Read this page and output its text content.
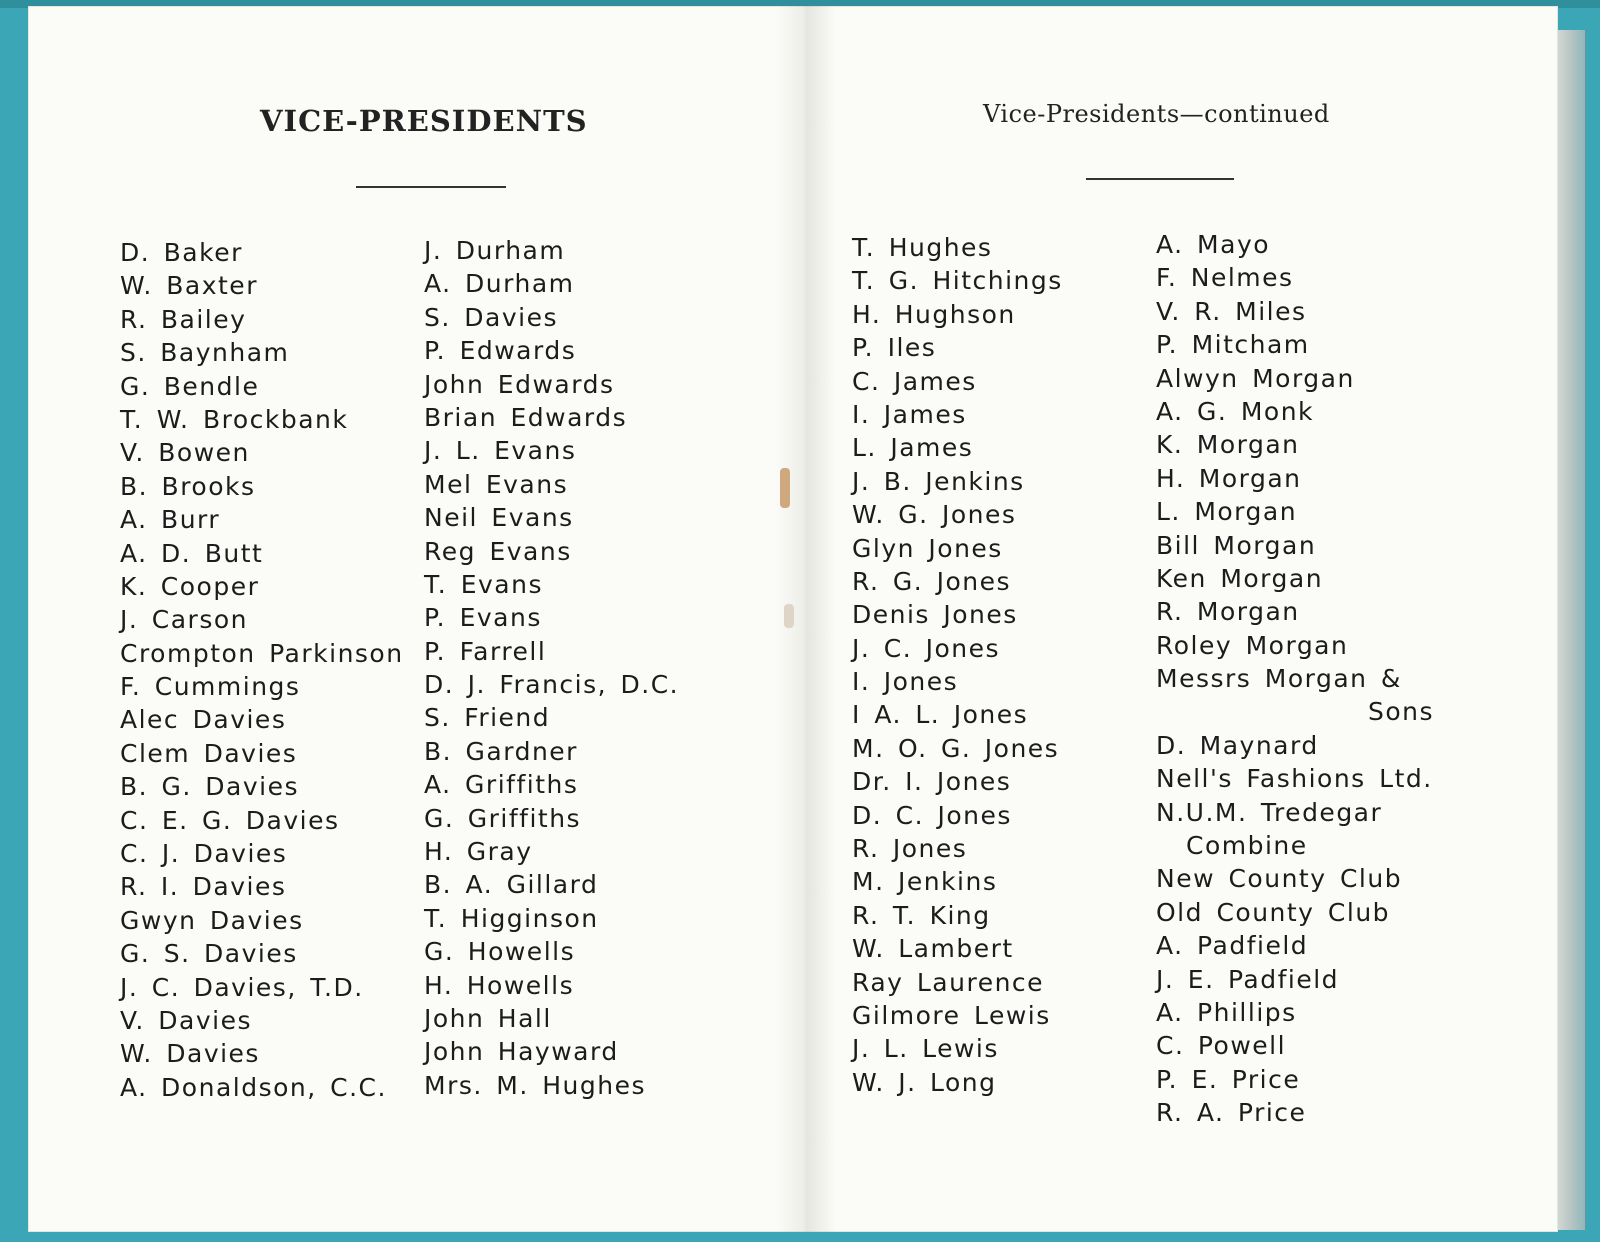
VICE-PRESIDENTS	Vice-Presidents—continued
D. Baker
W. Baxter
R. Bailey
S. Baynham
G. Bendle
T. W. Brockbank
V. Bowen
B. Brooks
A. Burr
A. D. Butt
K. Cooper
J. Carson
Crompton Parkinson
F. Cummings
Alec Davies
Clem Davies
B. G. Davies
C. E. G. Davies
C. J. Davies
R. I. Davies
Gwyn Davies
G. S. Davies
J. C. Davies, T.D.
V. Davies
W. Davies
A. Donaldson, C.C.
J. Durham
A. Durham
S. Davies
P. Edwards
John Edwards
Brian Edwards
J. L. Evans
Mel Evans
Neil Evans
Reg Evans
T. Evans
P. Evans
P. Farrell
D. J. Francis, D.C.
S. Friend
B. Gardner
A. Griffiths
G. Griffiths
H. Gray
B. A. Gillard
T. Higginson
G. Howells
H. Howells
John Hall
John Hayward
Mrs. M. Hughes
T. Hughes
T. G. Hitchings
H. Hughson
P. Iles
C. James
I. James
L. James
J. B. Jenkins
W. G. Jones
Glyn Jones
R. G. Jones
Denis Jones
J. C. Jones
I. Jones
I A. L. Jones
M. O. G. Jones
Dr. I. Jones
D. C. Jones
R. Jones
M. Jenkins
R. T. King
W. Lambert
Ray Laurence
Gilmore Lewis
J. L. Lewis
W. J. Long
A. Mayo
F. Nelmes
V. R. Miles
P. Mitcham
Alwyn Morgan
A. G. Monk
K. Morgan
H. Morgan
L. Morgan
Bill Morgan
Ken Morgan
R. Morgan
Roley Morgan
Messrs Morgan &
Sons
D. Maynard
Nell's Fashions Ltd.
N.U.M. Tredegar
Combine
New County Club
Old County Club
A. Padfield
J. E. Padfield
A. Phillips
C. Powell
P. E. Price
R. A. Price
